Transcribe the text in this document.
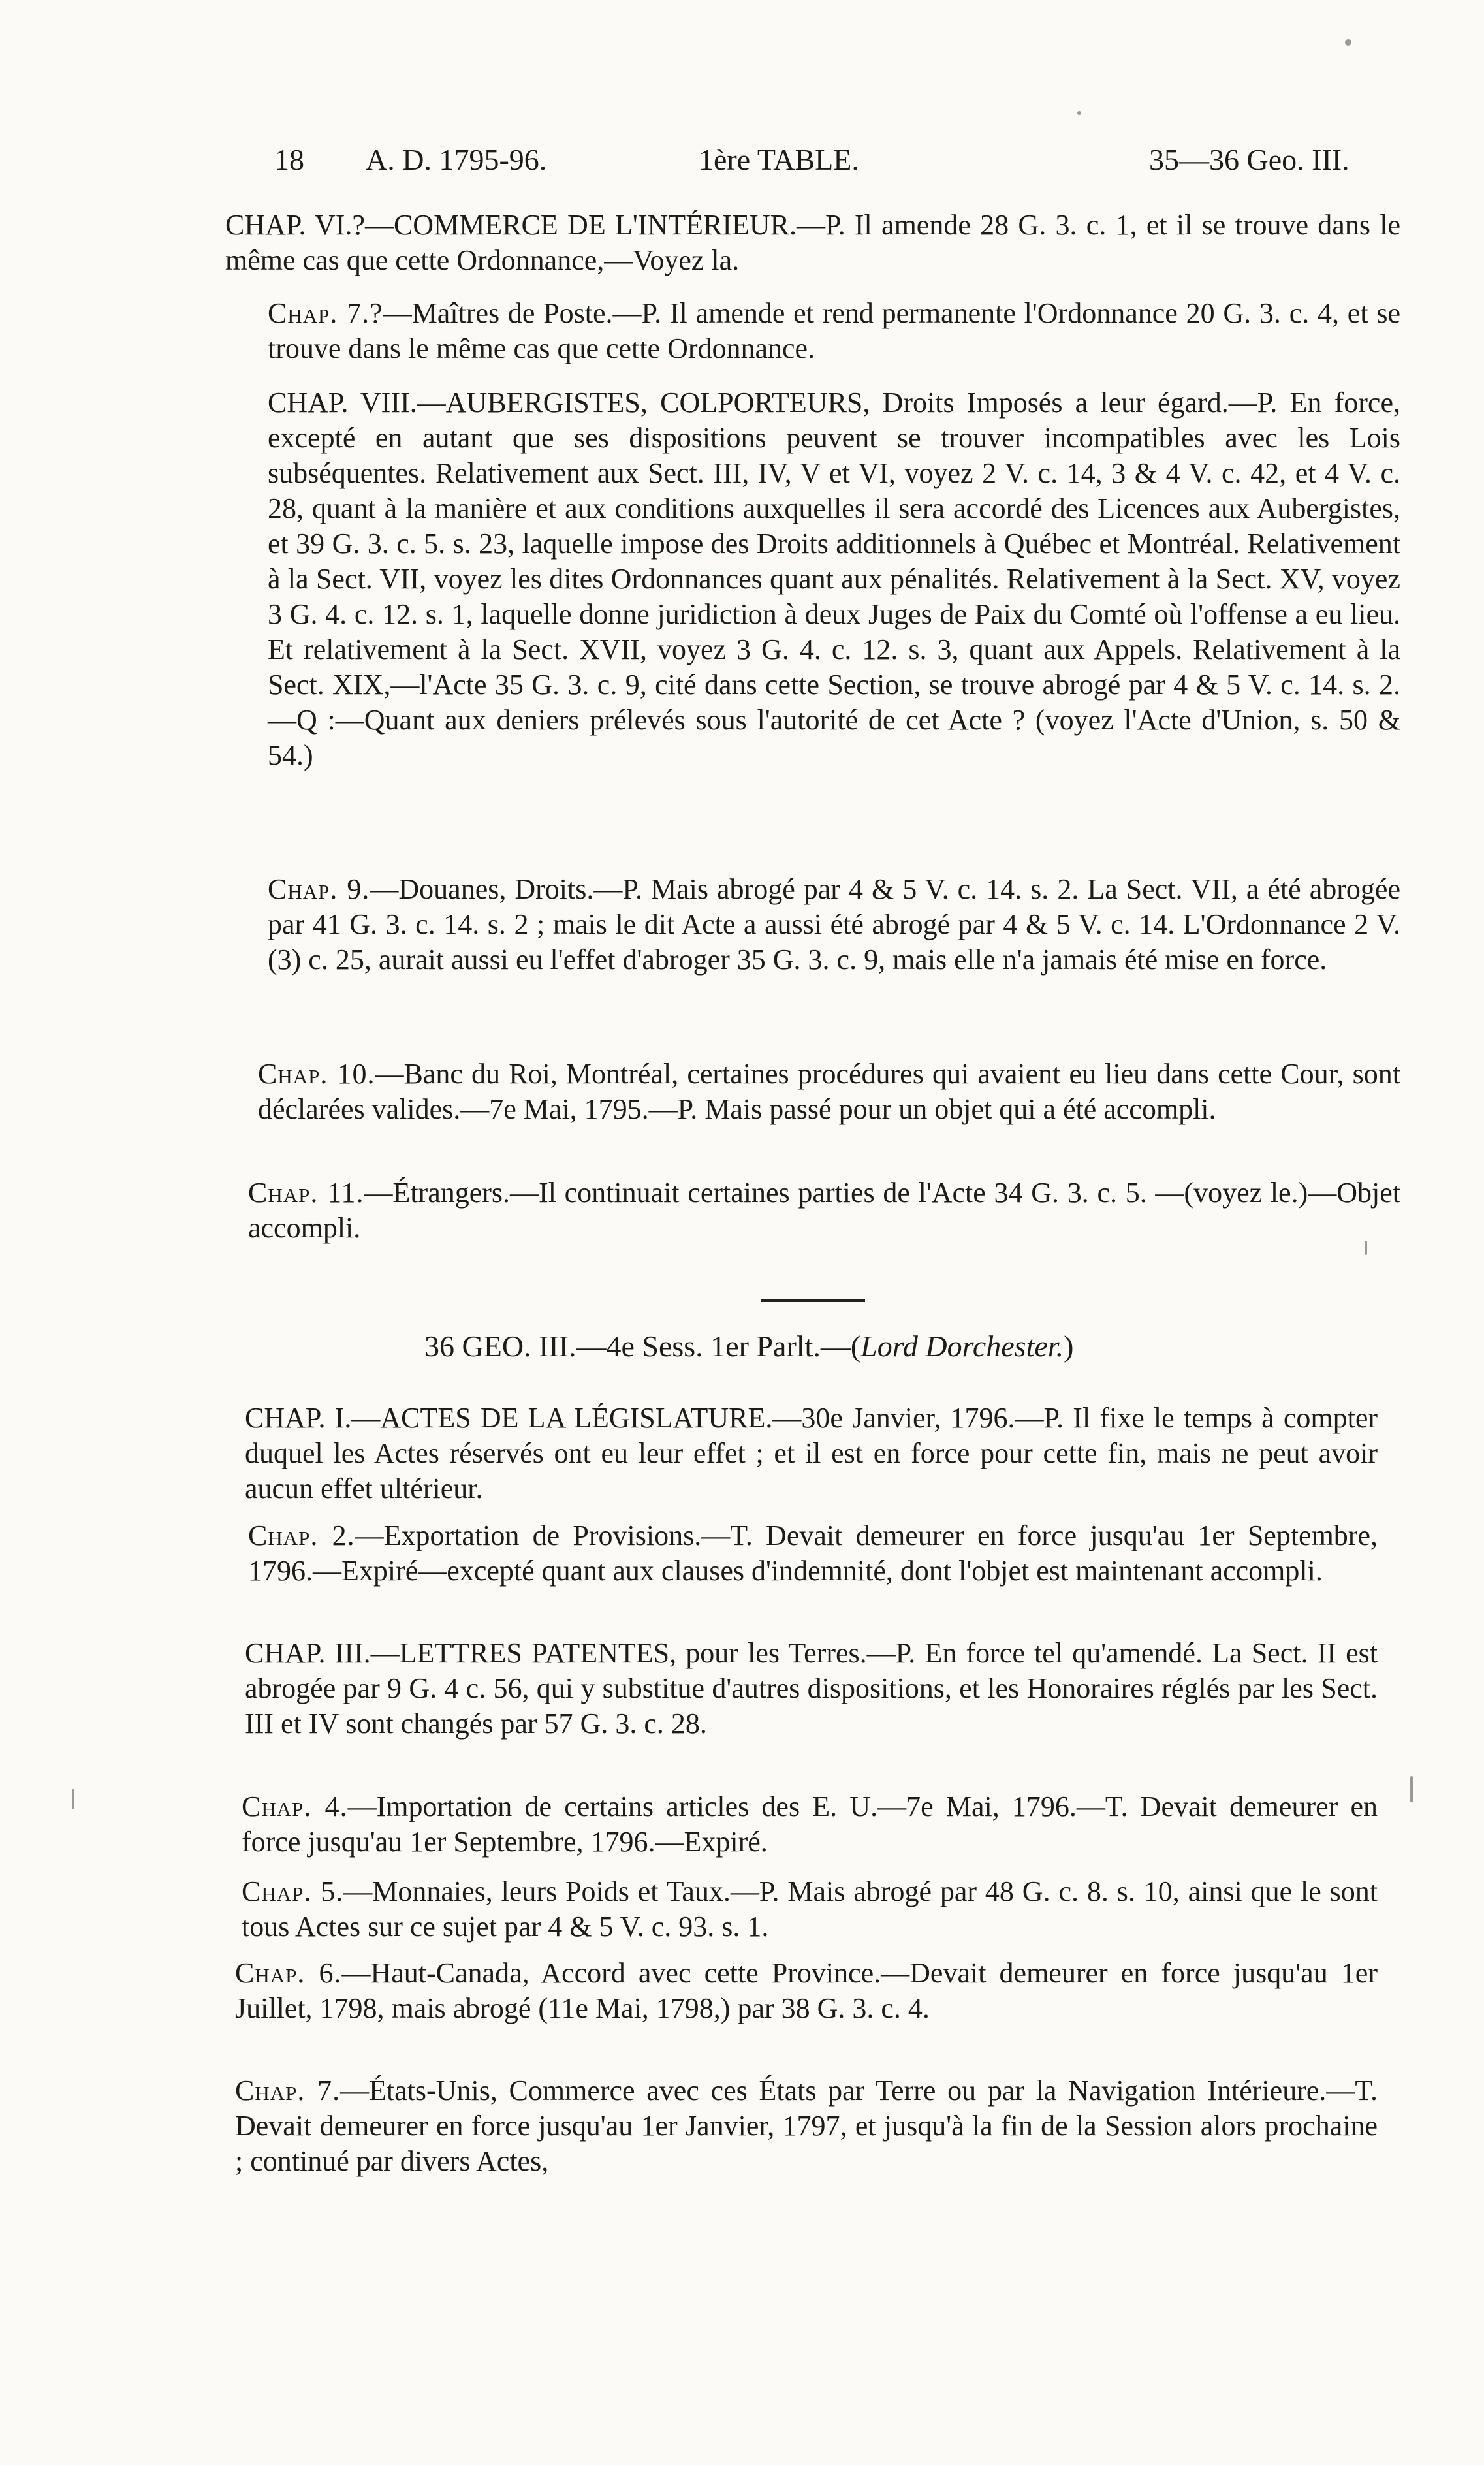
18 A. D. 1795-96.	1ère TABLE.	35—36 Geo. III.
CHAP. VI.?—COMMERCE DE L'INTÉRIEUR.—P. Il amende 28 G. 3. c. 1, et il se trouve dans le même cas que cette Ordonnance,—Voyez la.
Chap. 7.?—Maîtres de Poste.—P. Il amende et rend permanente l'Ordonnance 20 G. 3. c. 4, et se trouve dans le même cas que cette Ordonnance.
CHAP. VIII.—AUBERGISTES, COLPORTEURS, Droits Imposés a leur égard.—P. En force, excepté en autant que ses dispositions peuvent se trouver incompatibles avec les Lois subséquentes. Relativement aux Sect. III, IV, V et VI, voyez 2 V. c. 14, 3 & 4 V. c. 42, et 4 V. c. 28, quant à la manière et aux conditions auxquelles il sera accordé des Licences aux Aubergistes, et 39 G. 3. c. 5. s. 23, laquelle impose des Droits additionnels à Québec et Montréal. Relativement à la Sect. VII, voyez les dites Ordonnances quant aux pénalités. Relativement à la Sect. XV, voyez 3 G. 4. c. 12. s. 1, laquelle donne juridiction à deux Juges de Paix du Comté où l'offense a eu lieu. Et relativement à la Sect. XVII, voyez 3 G. 4. c. 12. s. 3, quant aux Appels. Relativement à la Sect. XIX,—l'Acte 35 G. 3. c. 9, cité dans cette Section, se trouve abrogé par 4 & 5 V. c. 14. s. 2. —Q :—Quant aux deniers prélevés sous l'autorité de cet Acte ? (voyez l'Acte d'Union, s. 50 & 54.)
Chap. 9.—Douanes, Droits.—P. Mais abrogé par 4 & 5 V. c. 14. s. 2. La Sect. VII, a été abrogée par 41 G. 3. c. 14. s. 2 ; mais le dit Acte a aussi été abrogé par 4 & 5 V. c. 14. L'Ordonnance 2 V. (3) c. 25, aurait aussi eu l'effet d'abroger 35 G. 3. c. 9, mais elle n'a jamais été mise en force.
Chap. 10.—Banc du Roi, Montréal, certaines procédures qui avaient eu lieu dans cette Cour, sont déclarées valides.—7e Mai, 1795.—P. Mais passé pour un objet qui a été accompli.
Chap. 11.—Étrangers.—Il continuait certaines parties de l'Acte 34 G. 3. c. 5. —(voyez le.)—Objet accompli.
36 GEO. III.—4e Sess. 1er Parlt.—(Lord Dorchester.)
CHAP. I.—ACTES DE LA LÉGISLATURE.—30e Janvier, 1796.—P. Il fixe le temps à compter duquel les Actes réservés ont eu leur effet ; et il est en force pour cette fin, mais ne peut avoir aucun effet ultérieur.
Chap. 2.—Exportation de Provisions.—T. Devait demeurer en force jusqu'au 1er Septembre, 1796.—Expiré—excepté quant aux clauses d'indemnité, dont l'objet est maintenant accompli.
CHAP. III.—LETTRES PATENTES, pour les Terres.—P. En force tel qu'amendé. La Sect. II est abrogée par 9 G. 4 c. 56, qui y substitue d'autres dispositions, et les Honoraires réglés par les Sect. III et IV sont changés par 57 G. 3. c. 28.
Chap. 4.—Importation de certains articles des E. U.—7e Mai, 1796.—T. Devait demeurer en force jusqu'au 1er Septembre, 1796.—Expiré.
Chap. 5.—Monnaies, leurs Poids et Taux.—P. Mais abrogé par 48 G. c. 8. s. 10, ainsi que le sont tous Actes sur ce sujet par 4 & 5 V. c. 93. s. 1.
Chap. 6.—Haut-Canada, Accord avec cette Province.—Devait demeurer en force jusqu'au 1er Juillet, 1798, mais abrogé (11e Mai, 1798,) par 38 G. 3. c. 4.
Chap. 7.—États-Unis, Commerce avec ces États par Terre ou par la Navigation Intérieure.—T. Devait demeurer en force jusqu'au 1er Janvier, 1797, et jusqu'à la fin de la Session alors prochaine ; continué par divers Actes,
